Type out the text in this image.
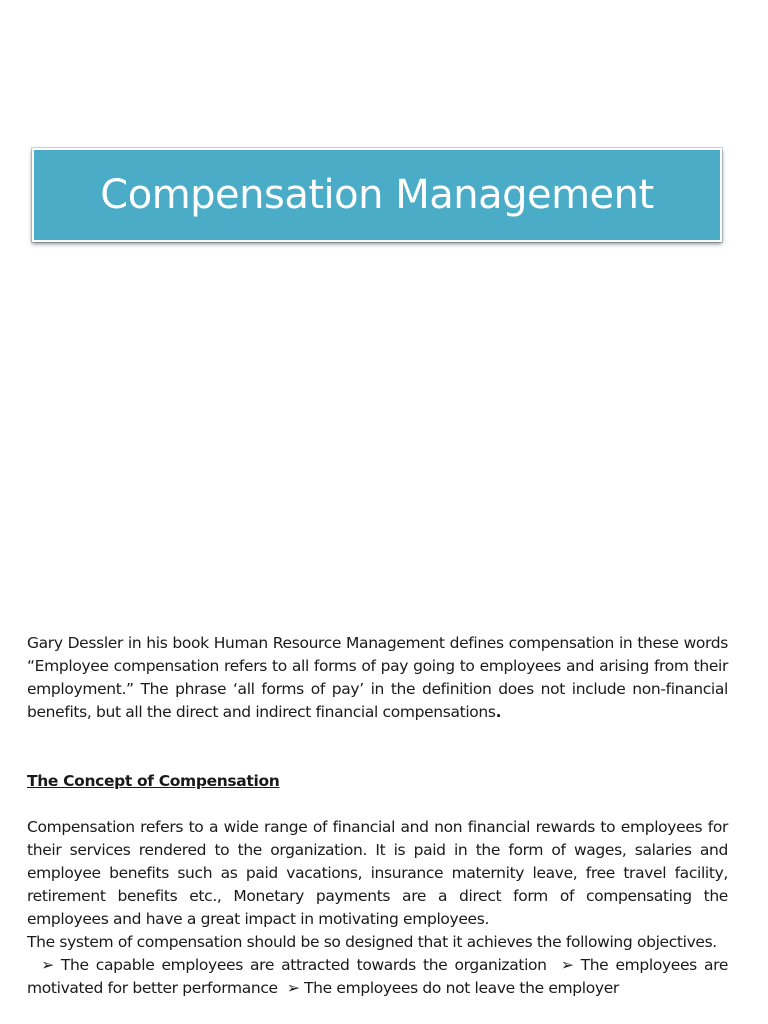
Compensation Management

Gary Dessler in his book Human Resource Management defines compensation in these words “Employee compensation refers to all forms of pay going to employees and arising from their employment.” The phrase ‘all forms of pay’ in the definition does not include non-financial benefits, but all the direct and indirect financial compensations.

The Concept of Compensation

Compensation refers to a wide range of financial and non financial rewards to employees for their services rendered to the organization. It is paid in the form of wages, salaries and employee benefits such as paid vacations, insurance maternity leave, free travel facility, retirement benefits etc., Monetary payments are a direct form of compensating the employees and have a great impact in motivating employees.

The system of compensation should be so designed that it achieves the following objectives.

➢ The capable employees are attracted towards the organization  ➢ The employees are motivated for better performance  ➢ The employees do not leave the employer
